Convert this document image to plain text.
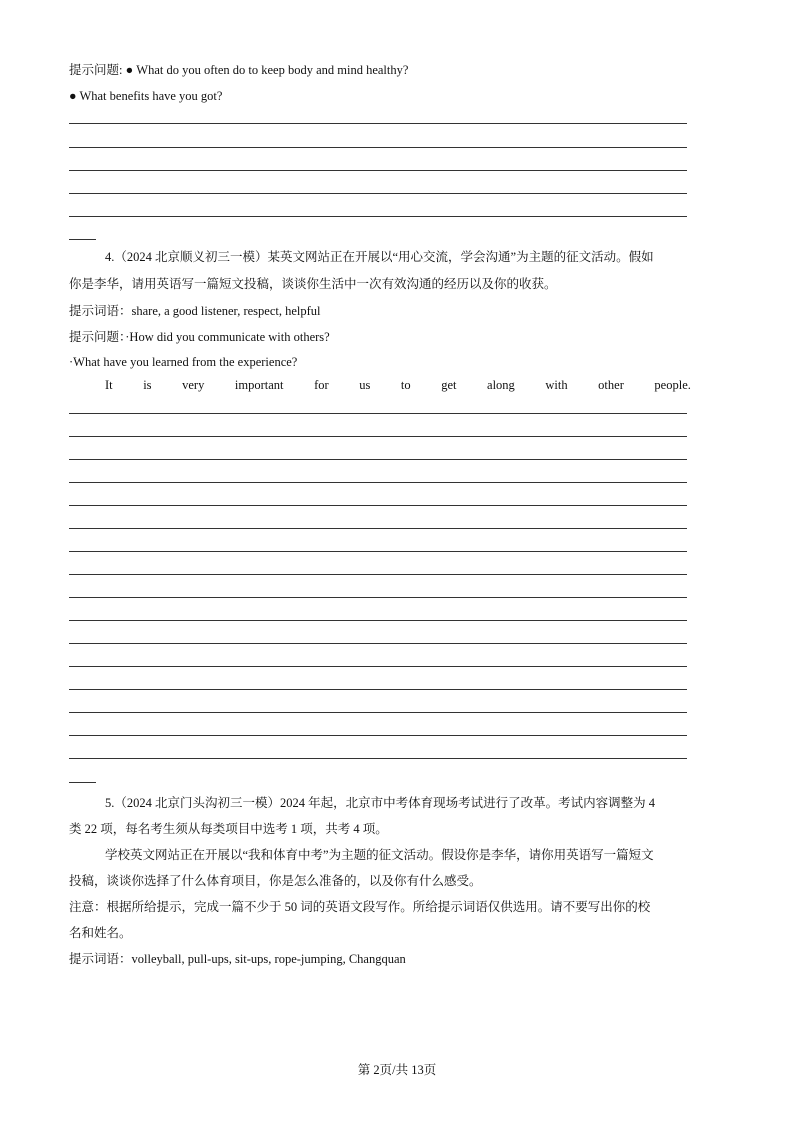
提示问题: ● What do you often do to keep body and mind healthy?
● What benefits have you got?
4.（2024 北京顺义初三一模）某英文网站正在开展以“用心交流，学会沟通”为主题的征文活动。假如
你是李华，请用英语写一篇短文投稿，谈谈你生活中一次有效沟通的经历以及你的收获。
提示词语：share, a good listener, respect, helpful
提示问题：·How did you communicate with others?
·What have you learned from the experience?
It is very important for us to get along with other people.
5.（2024 北京门头沟初三一模）2024 年起，北京市中考体育现场考试进行了改革。考试内容调整为 4
类 22 项，每名考生须从每类项目中选考 1 项，共考 4 项。
学校英文网站正在开展以“我和体育中考”为主题的征文活动。假设你是李华，请你用英语写一篇短文
投稿，谈谈你选择了什么体育项目，你是怎么准备的，以及你有什么感受。
注意：根据所给提示，完成一篇不少于 50 词的英语文段写作。所给提示词语仅供选用。请不要写出你的校
名和姓名。
提示词语：volleyball, pull-ups, sit-ups, rope-jumping, Changquan
第 2页/共 13页
